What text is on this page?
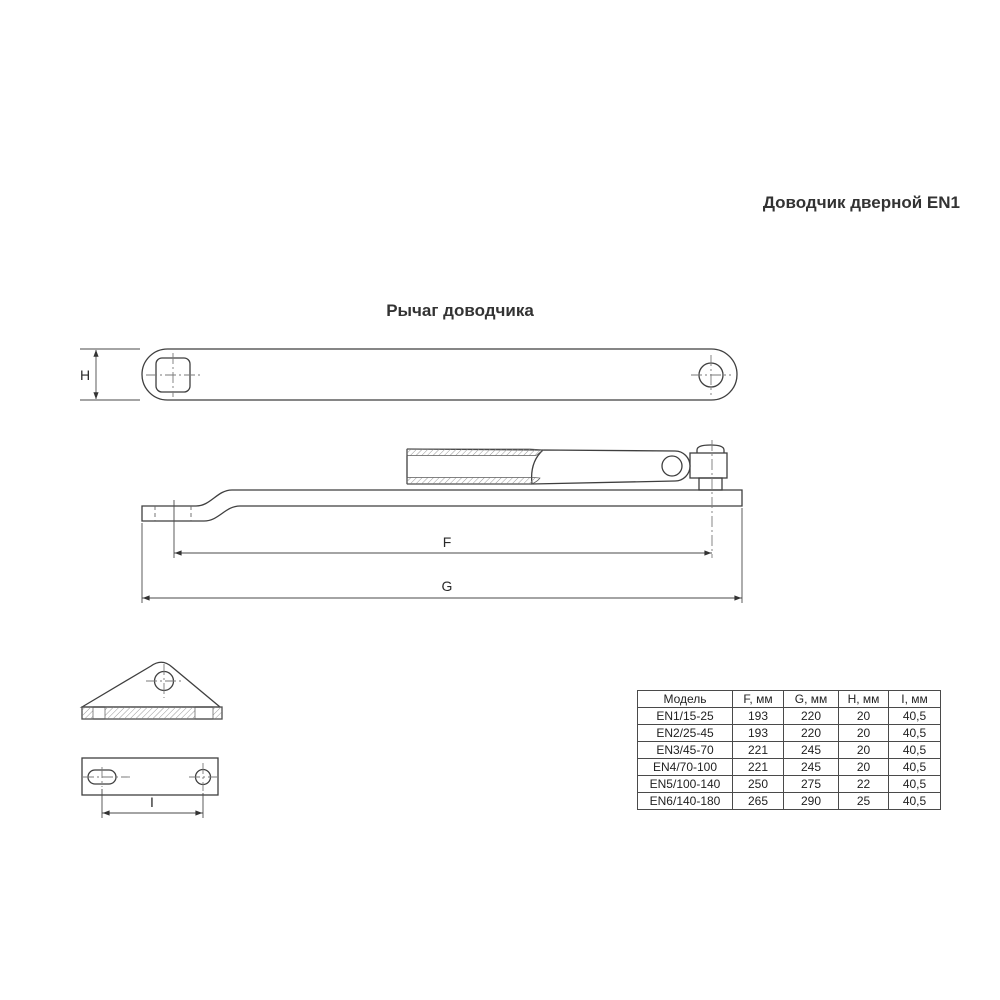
Доводчик дверной EN1
Рычаг доводчика
H
F
G
I
Модель	F, мм	G, мм	H, мм	I, мм
EN1/15-25	193	220	20	40,5
EN2/25-45	193	220	20	40,5
EN3/45-70	221	245	20	40,5
EN4/70-100	221	245	20	40,5
EN5/100-140	250	275	22	40,5
EN6/140-180	265	290	25	40,5
